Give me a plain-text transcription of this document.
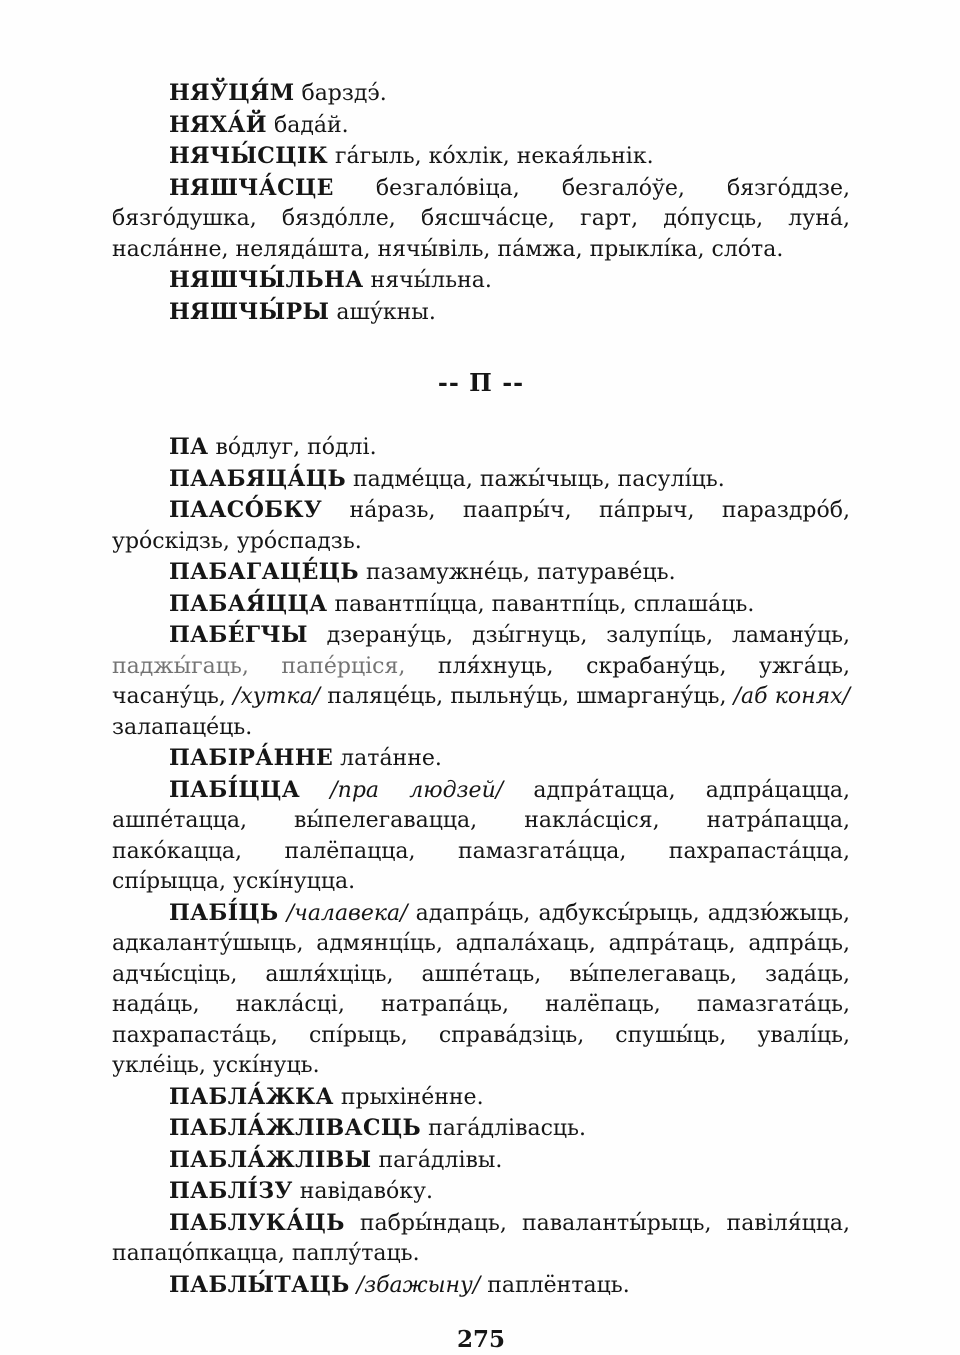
НЯЎЦЯ́М барздэ́.

НЯХА́Й бада́й.

НЯЧЫ́СЦІК га́гыль, ко́хлік, некая́льнік.

НЯШЧА́СЦЕ безгало́віца, безгало́ўе, бязго́ддзе, бязго́душка, бяздо́лле, бясшча́сце, гарт, до́пусць, луна́, насла́нне, неляда́шта, нячы́віль, па́мжа, прыклі́ка, сло́та.

НЯШЧЫ́ЛЬНА нячы́льна.

НЯШЧЫ́РЫ ашу́кны.

-- П --

ПА во́длуг, по́длі.

ПААБЯЦА́ЦЬ падме́цца, пажы́чыць, пасулі́ць.

ПААСО́БКУ на́разь, паапры́ч, па́прыч, параздро́б, уро́скідзь, уро́спадзь.

ПАБАГАЦЕ́ЦЬ пазамужне́ць, патураве́ць.

ПАБАЯ́ЦЦА павантпі́цца, павантпі́ць, сплаша́ць.

ПАБЕ́ГЧЫ дзерану́ць, дзы́гнуць, залупі́ць, ламану́ць, паджы́гаць, папе́рціся, пля́хнуць, скрабану́ць, ужга́ць, часану́ць, /хутка/ паляце́ць, пыльну́ць, шмаргану́ць, /аб конях/ залапаце́ць.

ПАБІРА́ННЕ лата́нне.

ПАБІ́ЦЦА /пра людзей/ адпра́тацца, адпра́цацца, ашпе́тацца, вы́пелегавацца, накла́сціся, натра́пацца, пако́кацца, палёпацца, памазгата́цца, пахрапаста́цца, спі́рыцца, ускі́нуцца.

ПАБІ́ЦЬ /чалавека/ адапра́ць, адбуксы́рыць, аддзю́жыць, адкаланту́шыць, адмянці́ць, адпала́хаць, адпра́таць, адпра́ць, адчы́сціць, ашля́хціць, ашпе́таць, вы́пелегаваць, зада́ць, нада́ць, накла́сці, натрапа́ць, налёпаць, памазгата́ць, пахрапаста́ць, спі́рыць, справа́дзіць, спушы́ць, увалі́ць, укле́іць, ускі́нуць.

ПАБЛА́ЖКА прыхіне́нне.

ПАБЛА́ЖЛІВАСЦЬ пага́длівасць.

ПАБЛА́ЖЛІВЫ пага́длівы.

ПАБЛІ́ЗУ навідаво́ку.

ПАБЛУКА́ЦЬ пабры́ндаць, паваланты́рыць, павіля́цца, папацо́пкацца, паплу́таць.

ПАБЛЫ́ТАЦЬ /збажыну/ паплёнтаць.

275
